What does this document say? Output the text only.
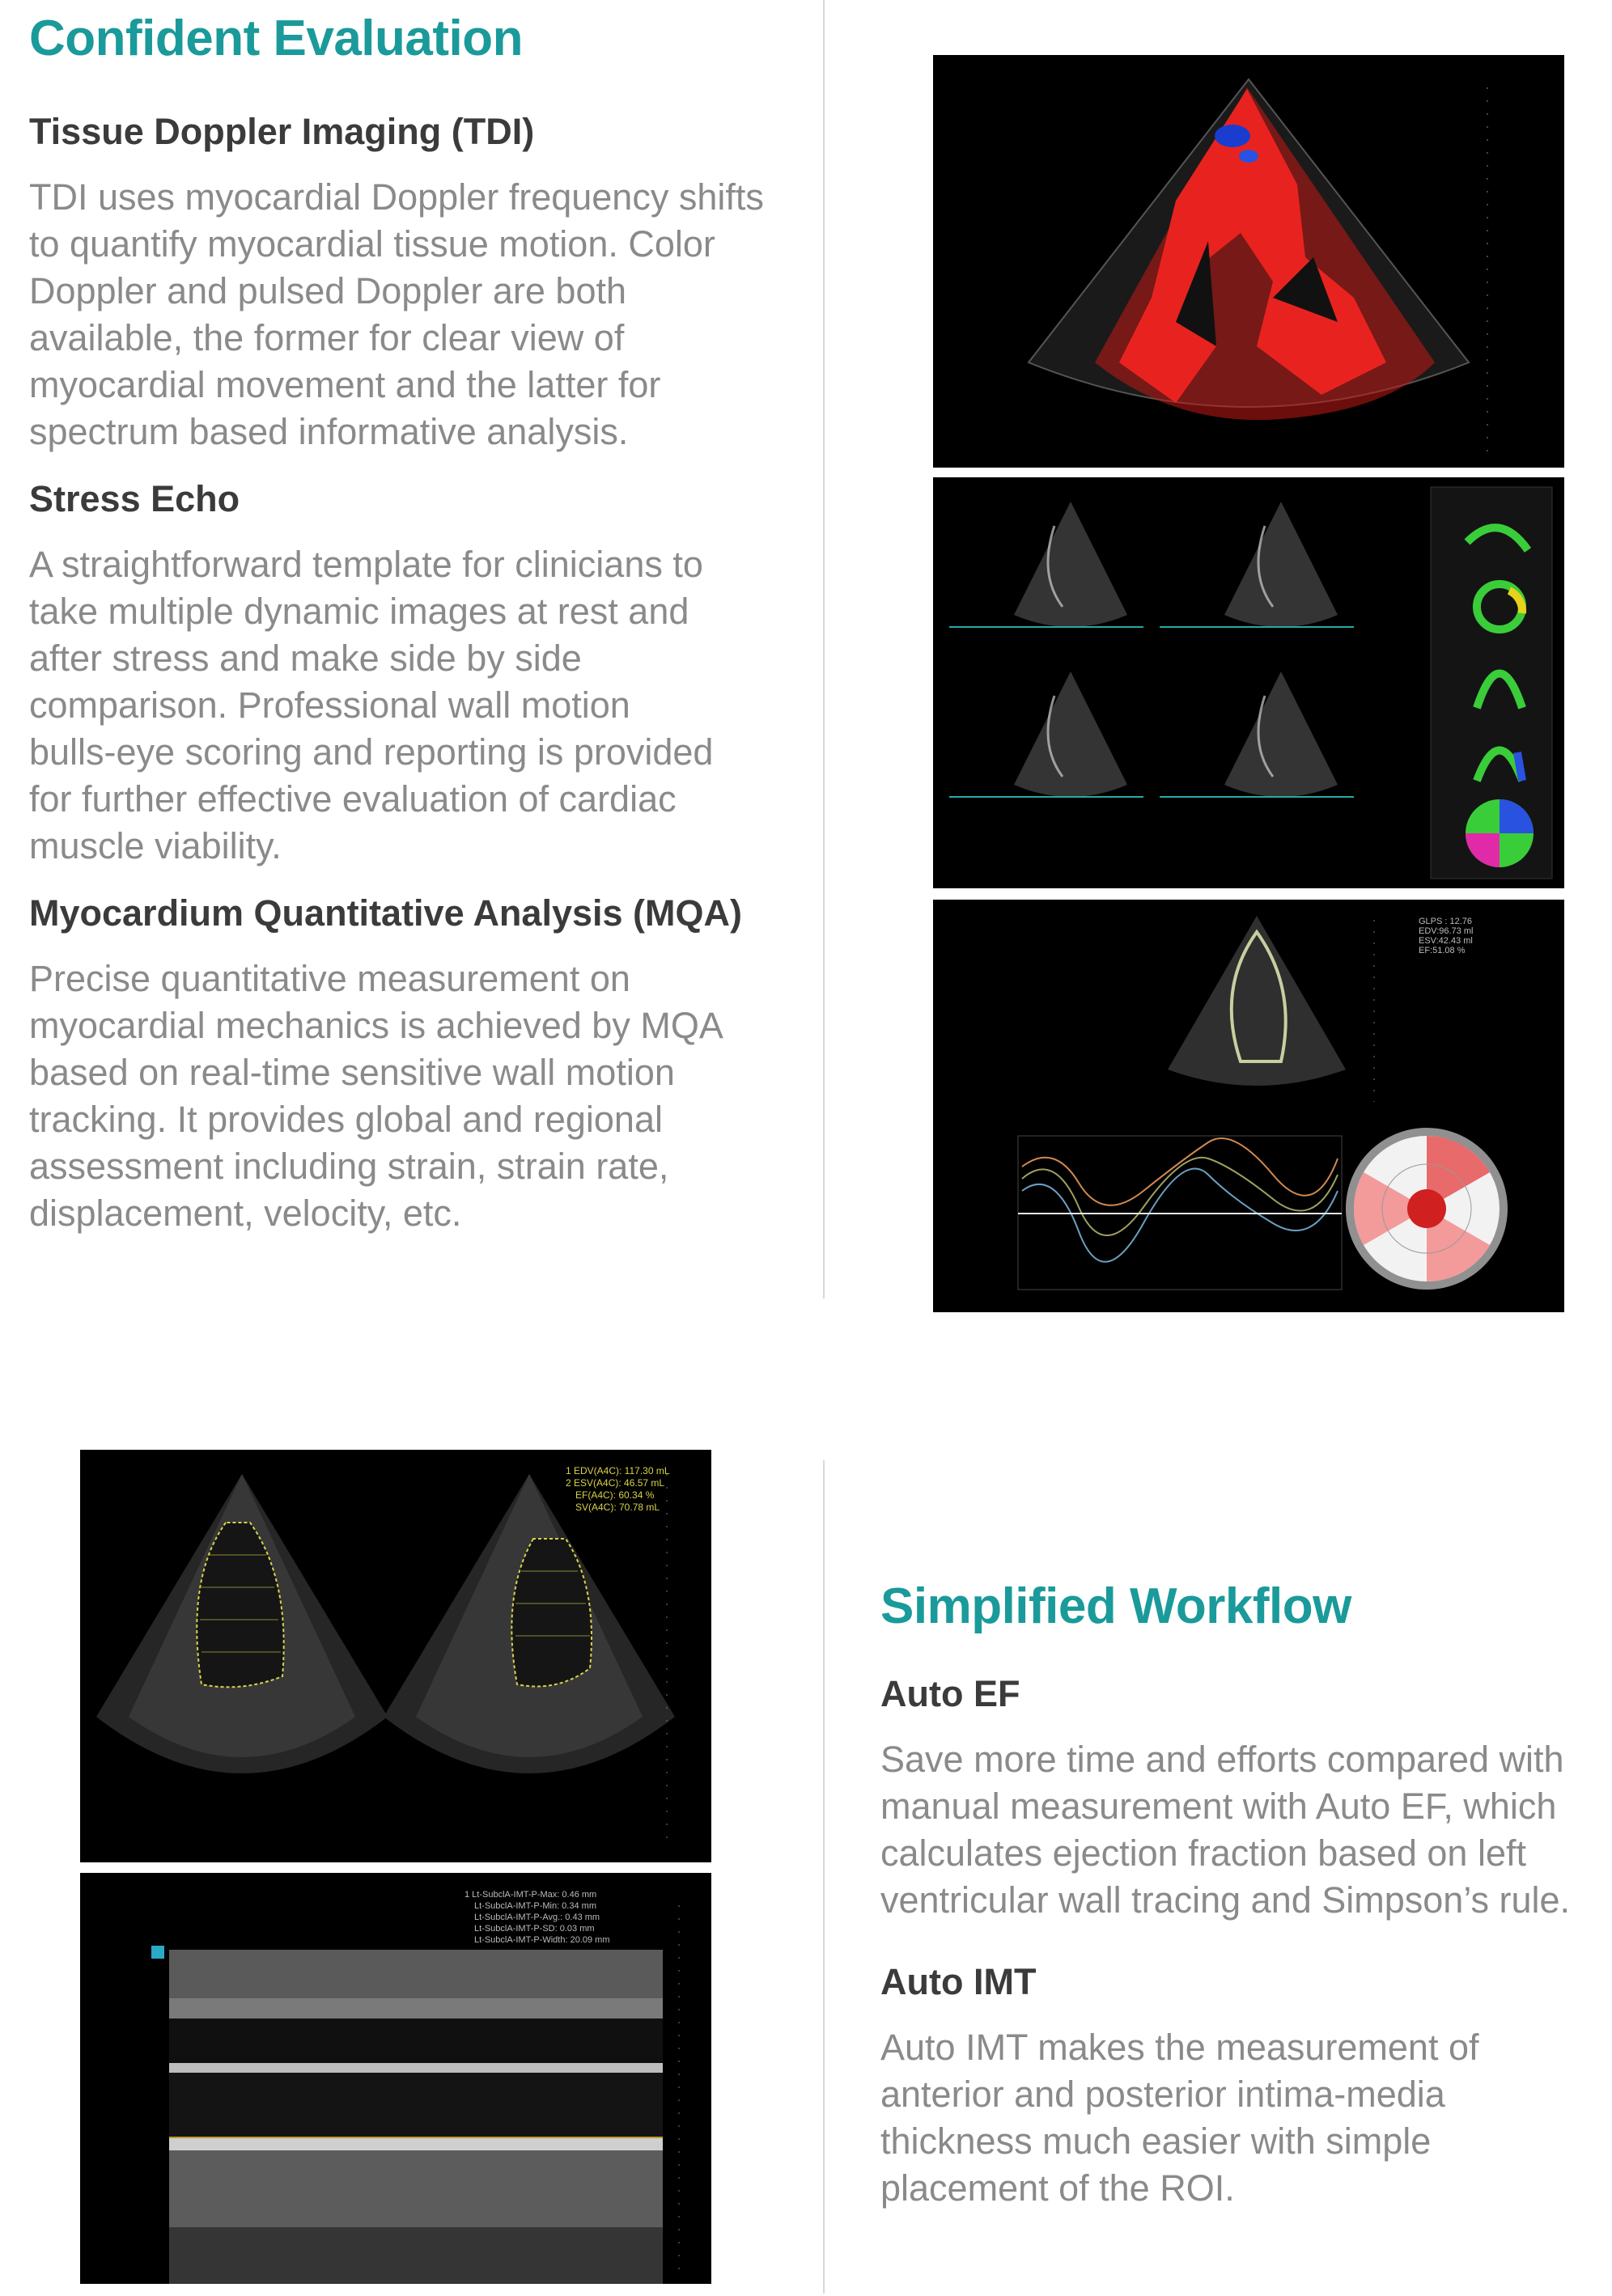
Confident Evaluation
Tissue Doppler Imaging (TDI)
TDI uses myocardial Doppler frequency shifts
to quantify myocardial tissue motion. Color
Doppler and pulsed Doppler are both
available, the former for clear view of
myocardial movement and the latter for
spectrum based informative analysis.
Stress Echo
A straightforward template for clinicians to
take multiple dynamic images at rest and
after stress and make side by side
comparison. Professional wall motion
bulls-eye scoring and reporting is provided
for further effective evaluation of cardiac
muscle viability.
Myocardium Quantitative Analysis (MQA)
Precise quantitative measurement on
myocardial mechanics is achieved by MQA
based on real-time sensitive wall motion
tracking. It provides global and regional
assessment including strain, strain rate,
displacement, velocity, etc.
GLPS : 12.76
EDV:96.73 ml
ESV:42.43 ml
EF:51.08 %
1 EDV(A4C): 117.30 mL
2 ESV(A4C): 46.57 mL
EF(A4C): 60.34 %
SV(A4C): 70.78 mL
1 Lt-SubclA-IMT-P-Max: 0.46 mm
Lt-SubclA-IMT-P-Min: 0.34 mm
Lt-SubclA-IMT-P-Avg.: 0.43 mm
Lt-SubclA-IMT-P-SD: 0.03 mm
Lt-SubclA-IMT-P-Width: 20.09 mm
Simplified Workflow
Auto EF
Save more time and efforts compared with
manual measurement with Auto EF, which
calculates ejection fraction based on left
ventricular wall tracing and Simpson’s rule.
Auto IMT
Auto IMT makes the measurement of
anterior and posterior intima-media
thickness much easier with simple
placement of the ROI.
